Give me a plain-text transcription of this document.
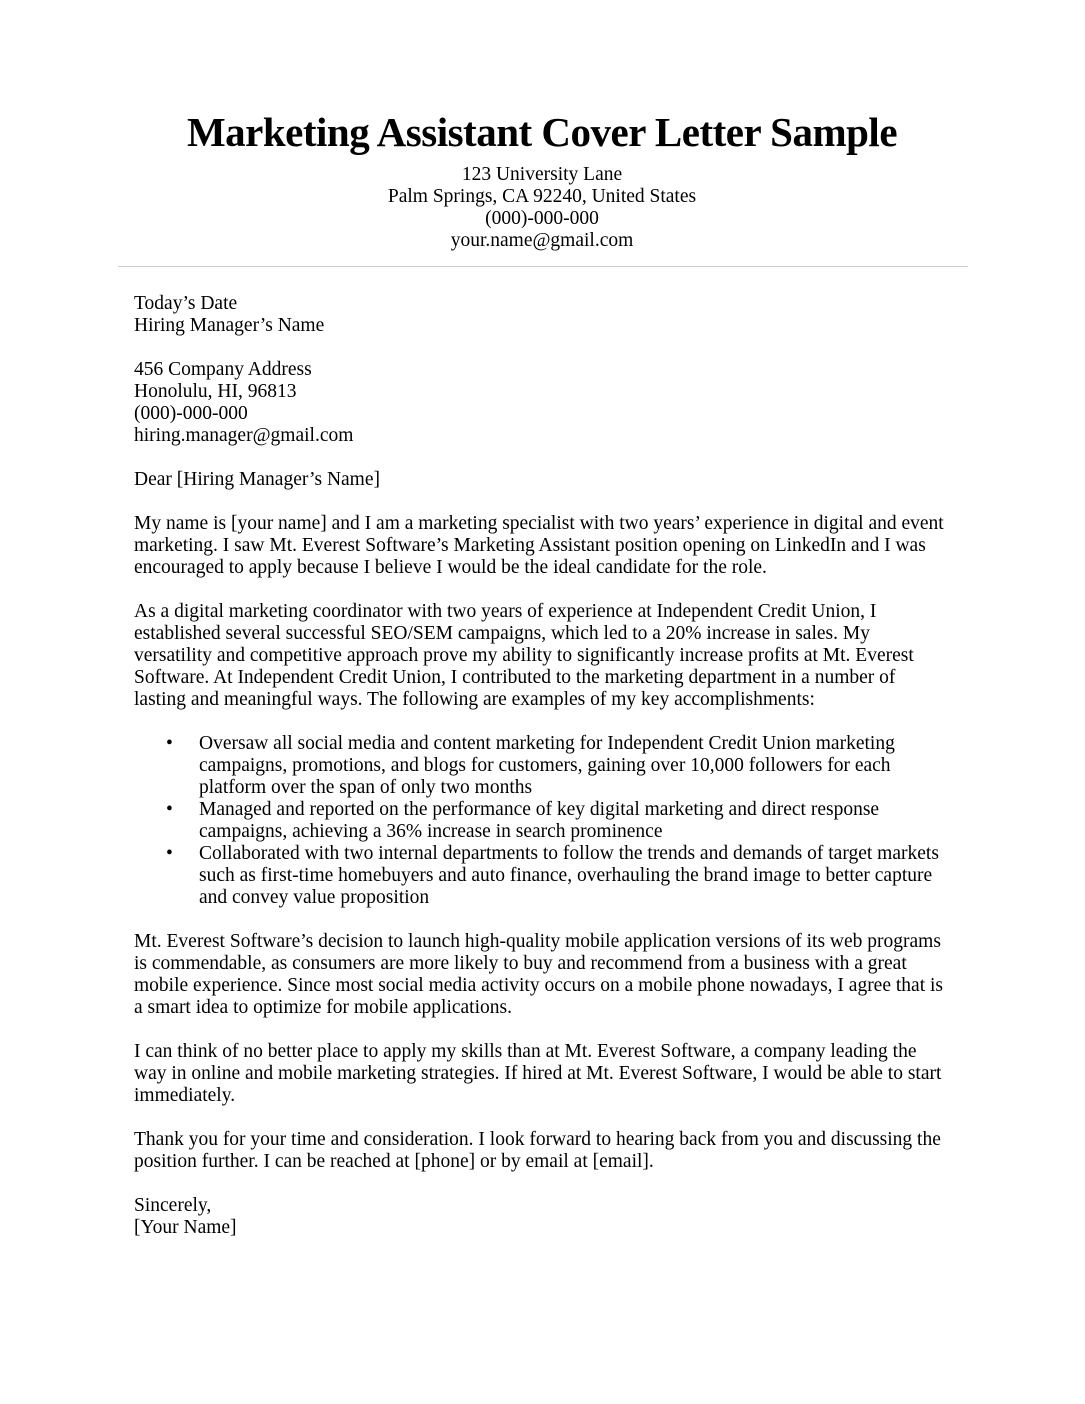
Marketing Assistant Cover Letter Sample
123 University Lane
Palm Springs, CA 92240, United States
(000)-000-000
your.name@gmail.com
Today’s Date
Hiring Manager’s Name
456 Company Address
Honolulu, HI, 96813
(000)-000-000
hiring.manager@gmail.com
Dear [Hiring Manager’s Name]

My name is [your name] and I am a marketing specialist with two years’ experience in digital and event marketing. I saw Mt. Everest Software’s Marketing Assistant position opening on LinkedIn and I was encouraged to apply because I believe I would be the ideal candidate for the role.

As a digital marketing coordinator with two years of experience at Independent Credit Union, I established several successful SEO/SEM campaigns, which led to a 20% increase in sales. My versatility and competitive approach prove my ability to significantly increase profits at Mt. Everest Software. At Independent Credit Union, I contributed to the marketing department in a number of lasting and meaningful ways. The following are examples of my key accomplishments:

• Oversaw all social media and content marketing for Independent Credit Union marketing campaigns, promotions, and blogs for customers, gaining over 10,000 followers for each platform over the span of only two months
• Managed and reported on the performance of key digital marketing and direct response campaigns, achieving a 36% increase in search prominence
• Collaborated with two internal departments to follow the trends and demands of target markets such as first-time homebuyers and auto finance, overhauling the brand image to better capture and convey value proposition

Mt. Everest Software’s decision to launch high-quality mobile application versions of its web programs is commendable, as consumers are more likely to buy and recommend from a business with a great mobile experience. Since most social media activity occurs on a mobile phone nowadays, I agree that is a smart idea to optimize for mobile applications.

I can think of no better place to apply my skills than at Mt. Everest Software, a company leading the way in online and mobile marketing strategies. If hired at Mt. Everest Software, I would be able to start immediately.

Thank you for your time and consideration. I look forward to hearing back from you and discussing the position further. I can be reached at [phone] or by email at [email].

Sincerely,
[Your Name]
